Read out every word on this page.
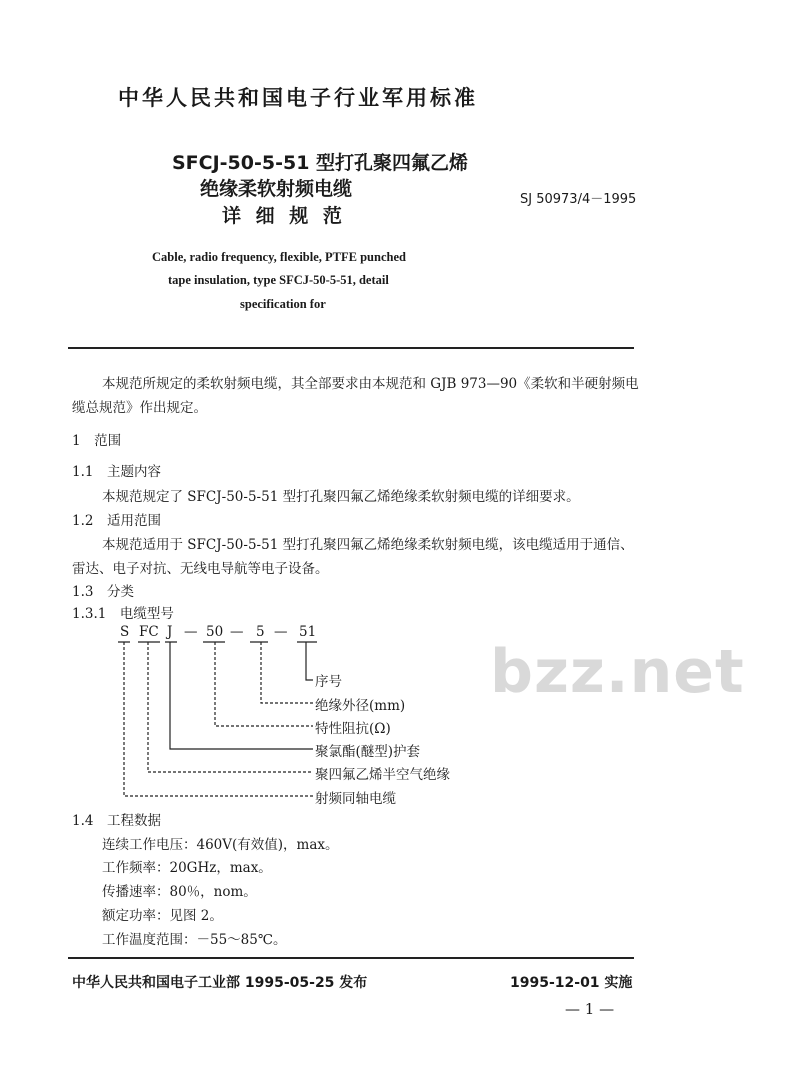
bzz.net
中华人民共和国电子行业军用标准
SFCJ-50-5-51 型打孔聚四氟乙烯
绝缘柔软射频电缆
详 细 规 范
SJ 50973/4－1995
Cable, radio frequency, flexible, PTFE punched
tape insulation, type SFCJ-50-5-51, detail
specification for
本规范所规定的柔软射频电缆，其全部要求由本规范和 GJB 973—90《柔软和半硬射频电
缆总规范》作出规定。
1　范围
1.1　主题内容
本规范规定了 SFCJ-50-5-51 型打孔聚四氟乙烯绝缘柔软射频电缆的详细要求。
1.2　适用范围
本规范适用于 SFCJ-50-5-51 型打孔聚四氟乙烯绝缘柔软射频电缆，该电缆适用于通信、
雷达、电子对抗、无线电导航等电子设备。
1.3　分类
1.3.1　电缆型号
S FC J — 50 — 5 — 51
序号
绝缘外径(mm)
特性阻抗(Ω)
聚氯酯(醚型)护套
聚四氟乙烯半空气绝缘
射频同轴电缆
1.4　工程数据
连续工作电压：460V(有效值)，max。
工作频率：20GHz，max。
传播速率：80％，nom。
额定功率：见图 2。
工作温度范围：－55～85℃。
中华人民共和国电子工业部 1995-05-25 发布	1995-12-01 实施
— 1 —
